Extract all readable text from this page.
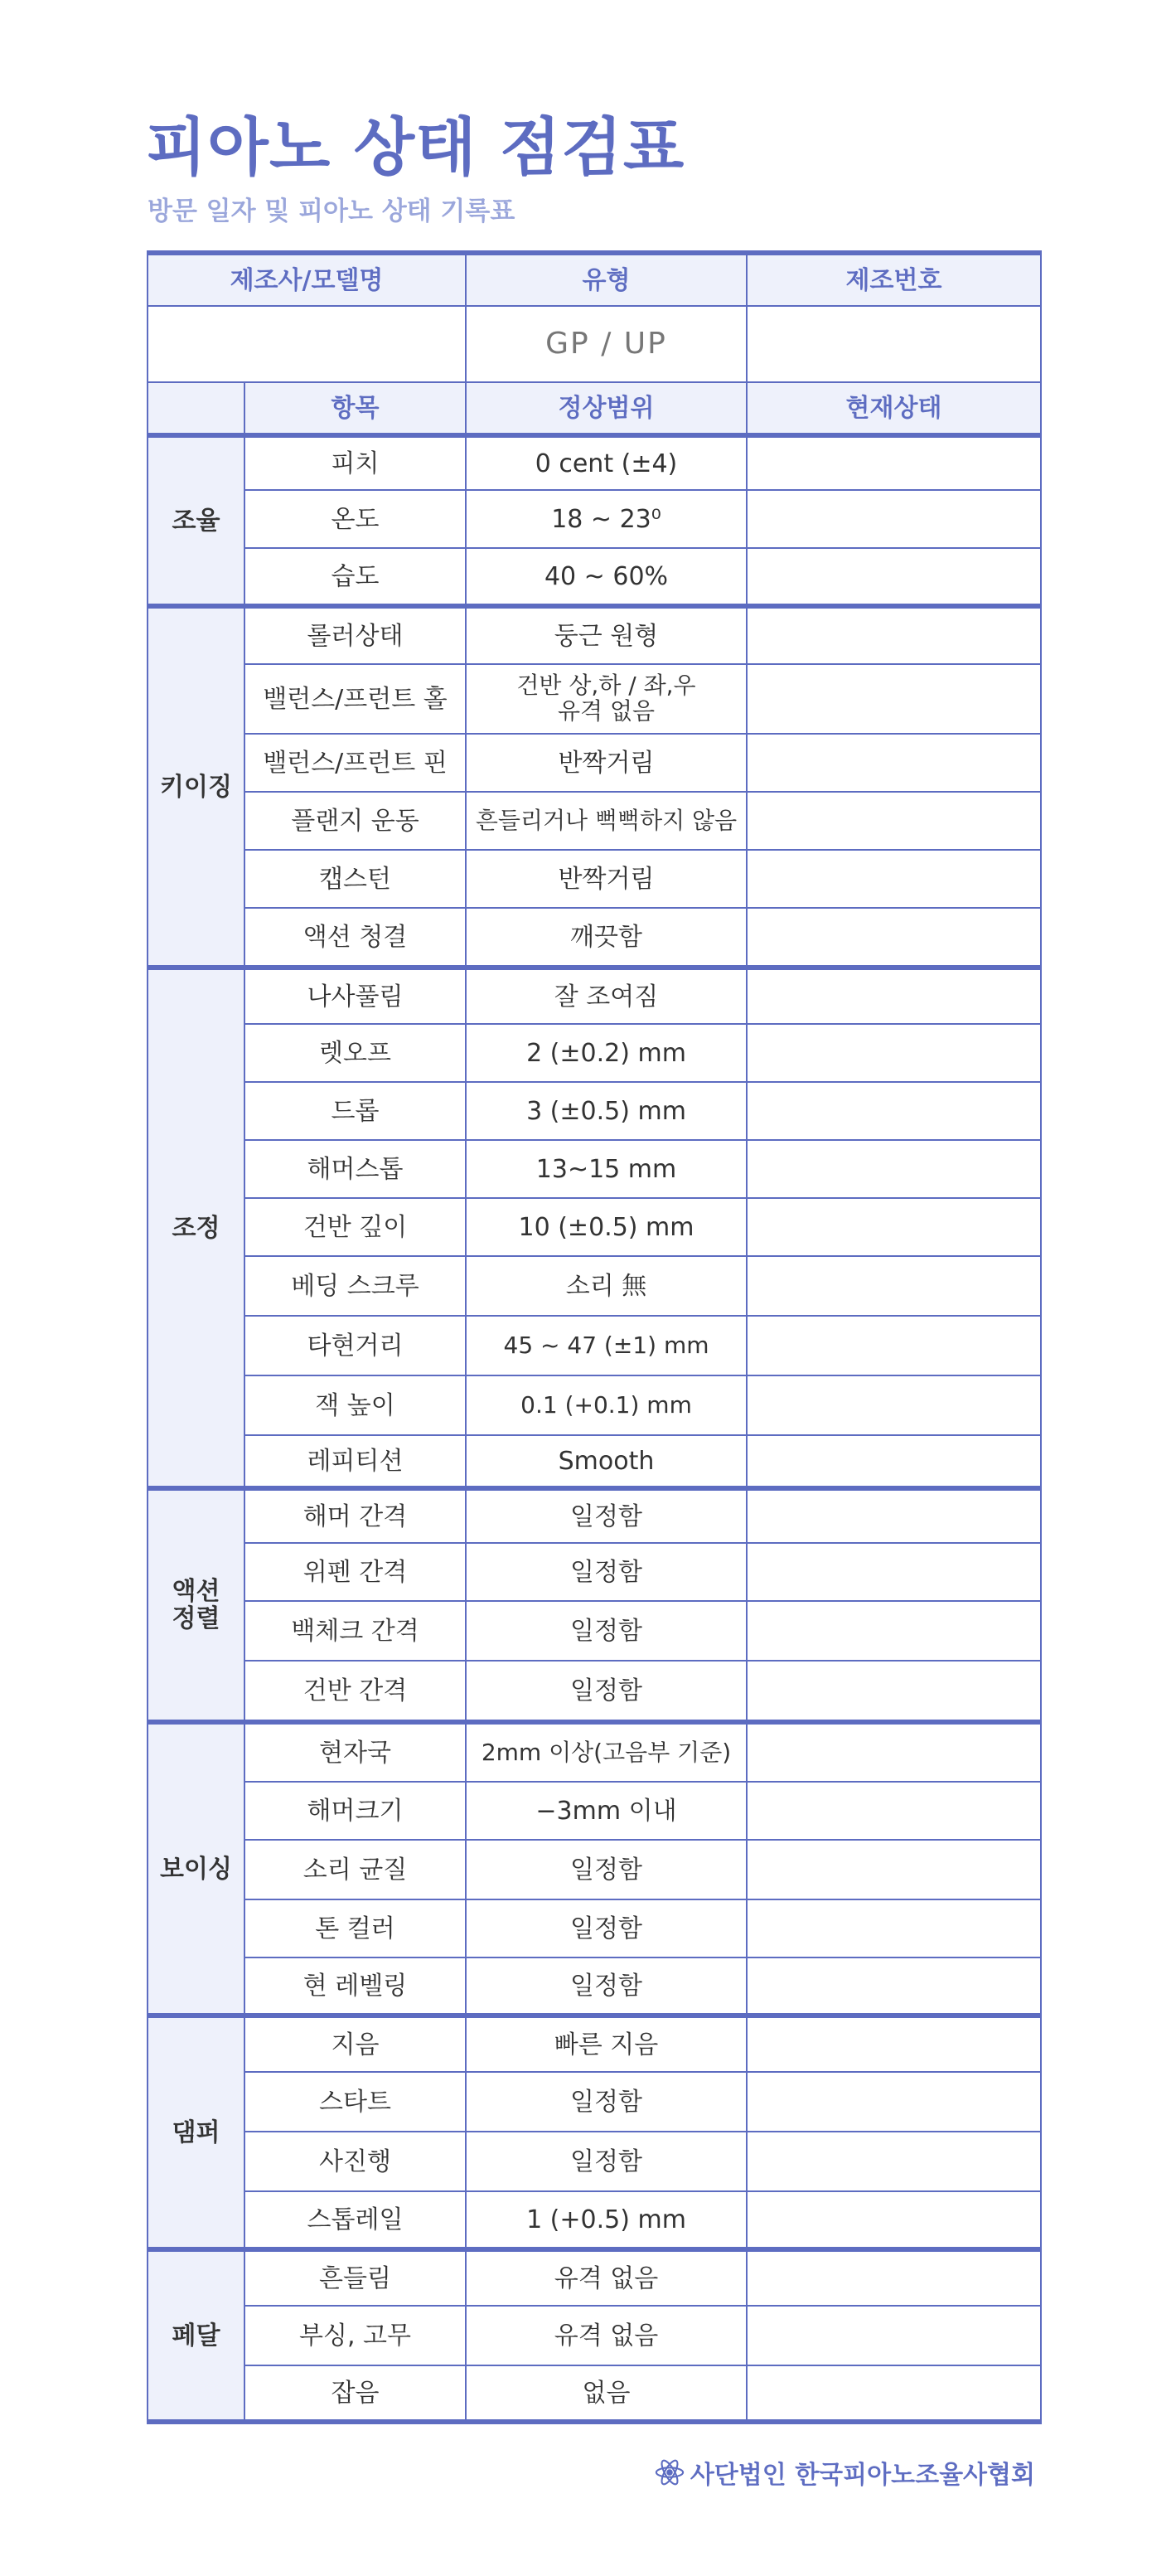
피아노 상태 점검표

방문 일자 및 피아노 상태 기록표

제조사/모델명		유형	제조번호
		GP / UP	
	항목	정상범위	현재상태
조율	피치	0 cent (±4)	
	온도	18 ~ 23⁰	
	습도	40 ~ 60%	
키이징	롤러상태	둥근 원형	
	밸런스/프런트 홀	건반 상,하 / 좌,우
유격 없음	
	밸런스/프런트 핀	반짝거림	
	플랜지 운동	흔들리거나 뻑뻑하지 않음	
	캡스턴	반짝거림	
	액션 청결	깨끗함	
조정	나사풀림	잘 조여짐	
	렛오프	2 (±0.2) mm	
	드롭	3 (±0.5) mm	
	해머스톱	13~15 mm	
	건반 깊이	10 (±0.5) mm	
	베딩 스크루	소리 無	
	타현거리	45 ~ 47 (±1) mm	
	잭 높이	0.1 (+0.1) mm	
	레피티션	Smooth	
액션
정렬	해머 간격	일정함	
	위펜 간격	일정함	
	백체크 간격	일정함	
	건반 간격	일정함	
보이싱	현자국	2mm 이상(고음부 기준)	
	해머크기	−3mm 이내	
	소리 균질	일정함	
	톤 컬러	일정함	
	현 레벨링	일정함	
댐퍼	지음	빠른 지음	
	스타트	일정함	
	사진행	일정함	
	스톱레일	1 (+0.5) mm	
페달	흔들림	유격 없음	
	부싱, 고무	유격 없음	
	잡음	없음	
사단법인 한국피아노조율사협회
